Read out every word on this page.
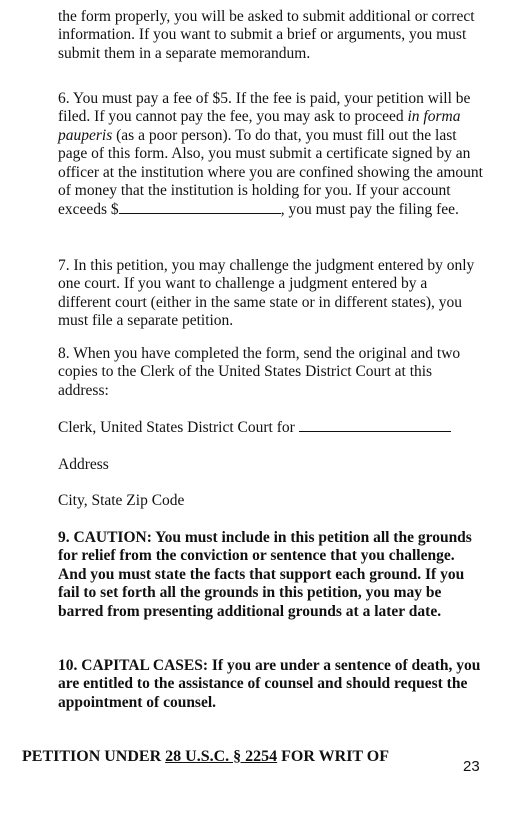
the form properly, you will be asked to submit additional or correct information. If you want to submit a brief or arguments, you must submit them in a separate memorandum.

6. You must pay a fee of $5. If the fee is paid, your petition will be filed. If you cannot pay the fee, you may ask to proceed in forma pauperis (as a poor person). To do that, you must fill out the last page of this form. Also, you must submit a certificate signed by an officer at the institution where you are confined showing the amount of money that the institution is holding for you. If your account exceeds $	, you must pay the filing fee.

7. In this petition, you may challenge the judgment entered by only one court. If you want to challenge a judgment entered by a different court (either in the same state or in different states), you must file a separate petition.

8. When you have completed the form, send the original and two copies to the Clerk of the United States District Court at this address:

Clerk, United States District Court for

Address

City, State Zip Code

9. CAUTION: You must include in this petition all the grounds for relief from the conviction or sentence that you challenge. And you must state the facts that support each ground. If you fail to set forth all the grounds in this petition, you may be barred from presenting additional grounds at a later date.

10. CAPITAL CASES: If you are under a sentence of death, you are entitled to the assistance of counsel and should request the appointment of counsel.

PETITION UNDER 28 U.S.C. § 2254 FOR WRIT OF
23
